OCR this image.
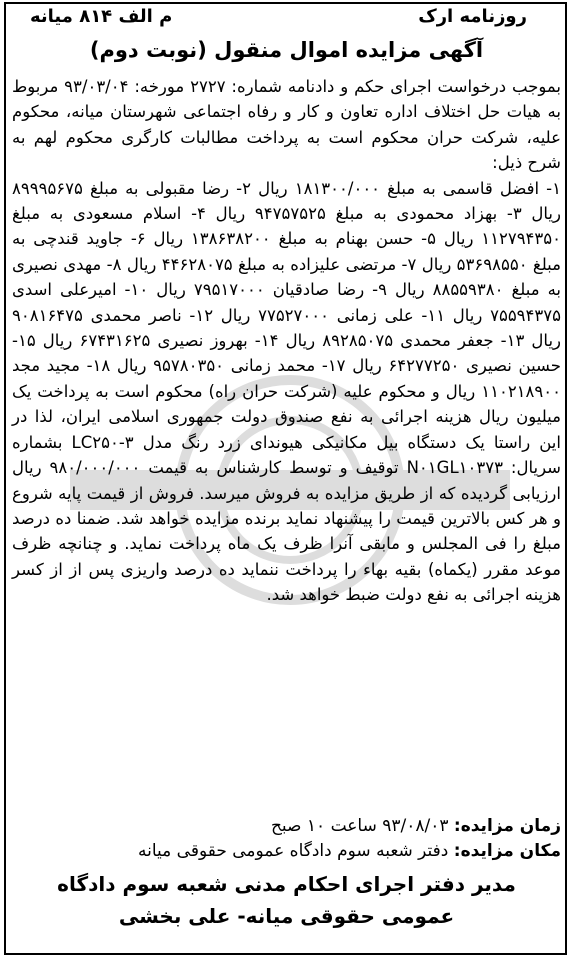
روزنامه ارک
م الف ۸۱۴ میانه
آگهی مزایده اموال منقول (نوبت دوم)

بموجب درخواست اجرای حکم و دادنامه شماره: ۲۷۲۷ مورخه: ۹۳/۰۳/۰۴ مربوط به هیات حل اختلاف اداره تعاون و کار و رفاه اجتماعی شهرستان میانه، محکوم علیه، شرکت حران محکوم است به پرداخت مطالبات کارگری محکوم لهم به شرح ذیل:

۱- افضل قاسمی به مبلغ ۱۸۱۳۰۰/۰۰۰ ریال ۲- رضا مقبولی به مبلغ ۸۹۹۹۵۶۷۵ ریال ۳- بهزاد محمودی به مبلغ ۹۴۷۵۷۵۲۵ ریال ۴- اسلام مسعودی به مبلغ ۱۱۲۷۹۴۳۵۰ ریال ۵- حسن بهنام به مبلغ ۱۳۸۶۳۸۲۰۰ ریال ۶- جاوید قندچی به مبلغ ۵۳۶۹۸۵۵۰ ریال ۷- مرتضی علیزاده به مبلغ ۴۴۶۲۸۰۷۵ ریال ۸- مهدی نصیری به مبلغ ۸۸۵۵۹۳۸۰ ریال ۹- رضا صادقیان ۷۹۵۱۷۰۰۰ ریال ۱۰- امیرعلی اسدی ۷۵۵۹۴۳۷۵ ریال ۱۱- علی زمانی ۷۷۵۲۷۰۰۰ ریال ۱۲- ناصر محمدی ۹۰۸۱۶۴۷۵ ریال ۱۳- جعفر محمدی ۸۹۲۸۵۰۷۵ ریال ۱۴- بهروز نصیری ۶۷۴۳۱۶۲۵ ریال ۱۵- حسین نصیری ۶۴۲۷۷۲۵۰ ریال ۱۷- محمد زمانی ۹۵۷۸۰۳۵۰ ریال ۱۸- مجید مجد ۱۱۰۲۱۸۹۰۰ ریال و محکوم علیه (شرکت حران راه) محکوم است به پرداخت یک میلیون ریال هزینه اجرائی به نفع صندوق دولت جمهوری اسلامی ایران، لذا در این راستا یک دستگاه بیل مکانیکی هیوندای زرد رنگ مدل LC۲۵۰-۳ بشماره سریال: N۰۱GL۱۰۳۷۳ توقیف و توسط کارشناس به قیمت ۹۸۰/۰۰۰/۰۰۰ ریال ارزیابی گردیده که از طریق مزایده به فروش میرسد. فروش از قیمت پایه شروع و هر کس بالاترین قیمت را پیشنهاد نماید برنده مزایده خواهد شد. ضمنا ده درصد مبلغ را فی المجلس و مابقی آنرا ظرف یک ماه پرداخت نماید. و چنانچه ظرف موعد مقرر (یکماه) بقیه بهاء را پرداخت ننماید ده درصد واریزی پس از از کسر هزینه اجرائی به نفع دولت ضبط خواهد شد.

زمان مزایده: ۹۳/۰۸/۰۳ ساعت ۱۰ صبح
مکان مزایده: دفتر شعبه سوم دادگاه عمومی حقوقی میانه
مدیر دفتر اجرای احکام مدنی شعبه سوم دادگاه
عمومی حقوقی میانه- علی بخشی
